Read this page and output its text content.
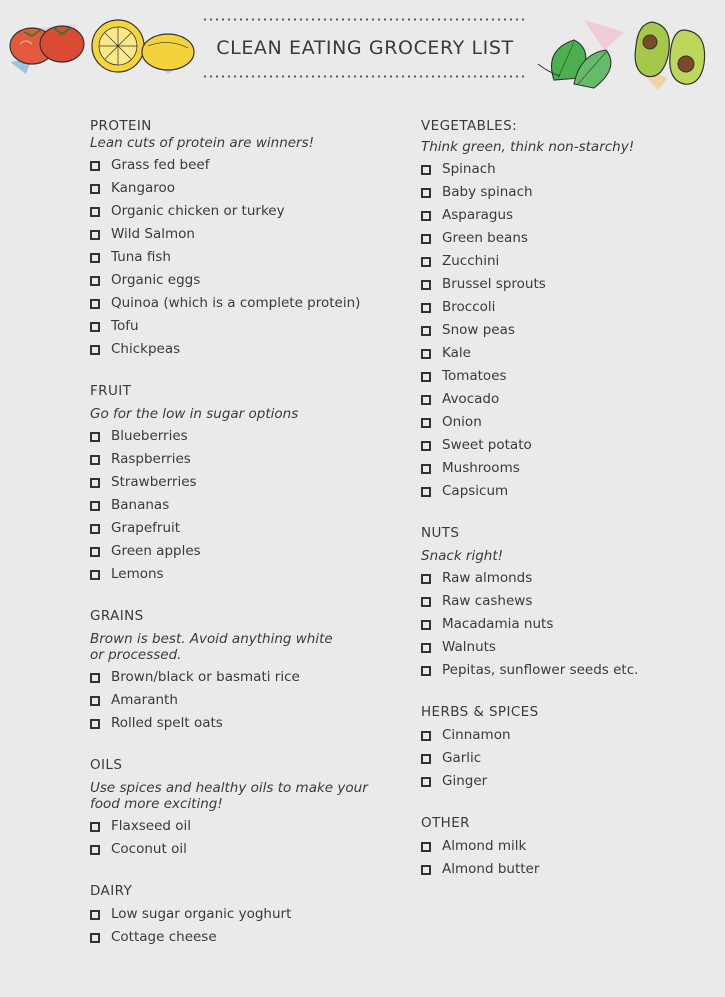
CLEAN EATING GROCERY LIST
PROTEIN
Lean cuts of protein are winners!
Grass fed beef
Kangaroo
Organic chicken or turkey
Wild Salmon
Tuna fish
Organic eggs
Quinoa (which is a complete protein)
Tofu
Chickpeas
FRUIT
Go for the low in sugar options
Blueberries
Raspberries
Strawberries
Bananas
Grapefruit
Green apples
Lemons
GRAINS
Brown is best. Avoid anything white
or processed.
Brown/black or basmati rice
Amaranth
Rolled spelt oats
OILS
Use spices and healthy oils to make your
food more exciting!
Flaxseed oil
Coconut oil
DAIRY
Low sugar organic yoghurt
Cottage cheese
VEGETABLES:
Think green, think non-starchy!
Spinach
Baby spinach
Asparagus
Green beans
Zucchini
Brussel sprouts
Broccoli
Snow peas
Kale
Tomatoes
Avocado
Onion
Sweet potato
Mushrooms
Capsicum
NUTS
Snack right!
Raw almonds
Raw cashews
Macadamia nuts
Walnuts
Pepitas, sunflower seeds etc.
HERBS & SPICES
Cinnamon
Garlic
Ginger
OTHER
Almond milk
Almond butter
